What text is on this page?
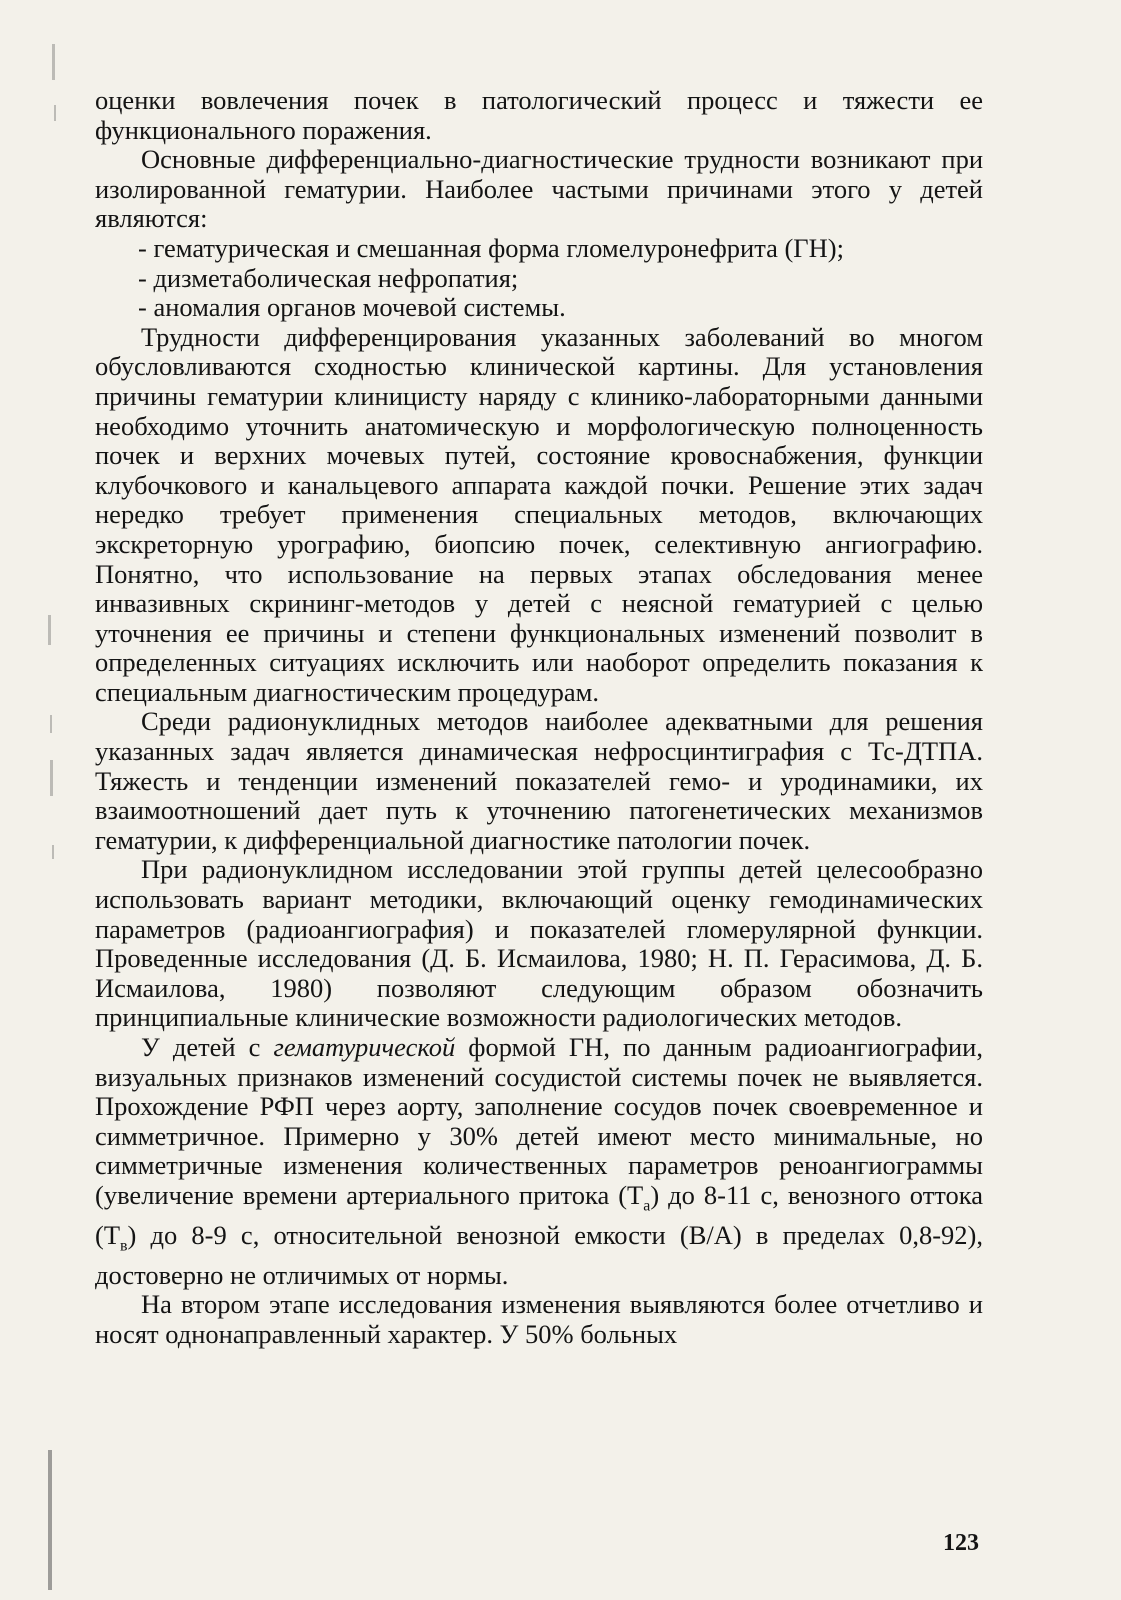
оценки вовлечения почек в патологический процесс и тяжести ее функционального поражения.

Основные дифференциально-диагностические трудности возникают при изолированной гематурии. Наиболее частыми причинами этого у детей являются:

- гематурическая и смешанная форма гломелуронефрита (ГН);
- дизметаболическая нефропатия;
- аномалия органов мочевой системы.

Трудности дифференцирования указанных заболеваний во многом обусловливаются сходностью клинической картины. Для установления причины гематурии клиницисту наряду с клинико-лабораторными данными необходимо уточнить анатомическую и морфологическую полноценность почек и верхних мочевых путей, состояние кровоснабжения, функции клубочкового и канальцевого аппарата каждой почки. Решение этих задач нередко требует применения специальных методов, включающих экскреторную урографию, биопсию почек, селективную ангиографию. Понятно, что использование на первых этапах обследования менее инвазивных скрининг-методов у детей с неясной гематурией с целью уточнения ее причины и степени функциональных изменений позволит в определенных ситуациях исключить или наоборот определить показания к специальным диагностическим процедурам.

Среди радионуклидных методов наиболее адекватными для решения указанных задач является динамическая нефросцинтиграфия с Тс-ДТПА. Тяжесть и тенденции изменений показателей гемо- и уродинамики, их взаимоотношений дает путь к уточнению патогенетических механизмов гематурии, к дифференциальной диагностике патологии почек.

При радионуклидном исследовании этой группы детей целесообразно использовать вариант методики, включающий оценку гемодинамических параметров (радиоангиография) и показателей гломерулярной функции. Проведенные исследования (Д. Б. Исмаилова, 1980; Н. П. Герасимова, Д. Б. Исмаилова, 1980) позволяют следующим образом обозначить принципиальные клинические возможности радиологических методов.

У детей с гематурической формой ГН, по данным радиоангиографии, визуальных признаков изменений сосудистой системы почек не выявляется. Прохождение РФП через аорту, заполнение сосудов почек своевременное и симметричное. Примерно у 30% детей имеют место минимальные, но симметричные изменения количественных параметров реноангиограммы (увеличение времени артериального притока $(Т_а)$ до 8-11 с, венозного оттока $(Т_в)$ до 8-9 с, относительной венозной емкости (В/А) в пределах 0,8-92), достоверно не отличимых от нормы.

На втором этапе исследования изменения выявляются более отчетливо и носят однонаправленный характер. У 50% больных

123
